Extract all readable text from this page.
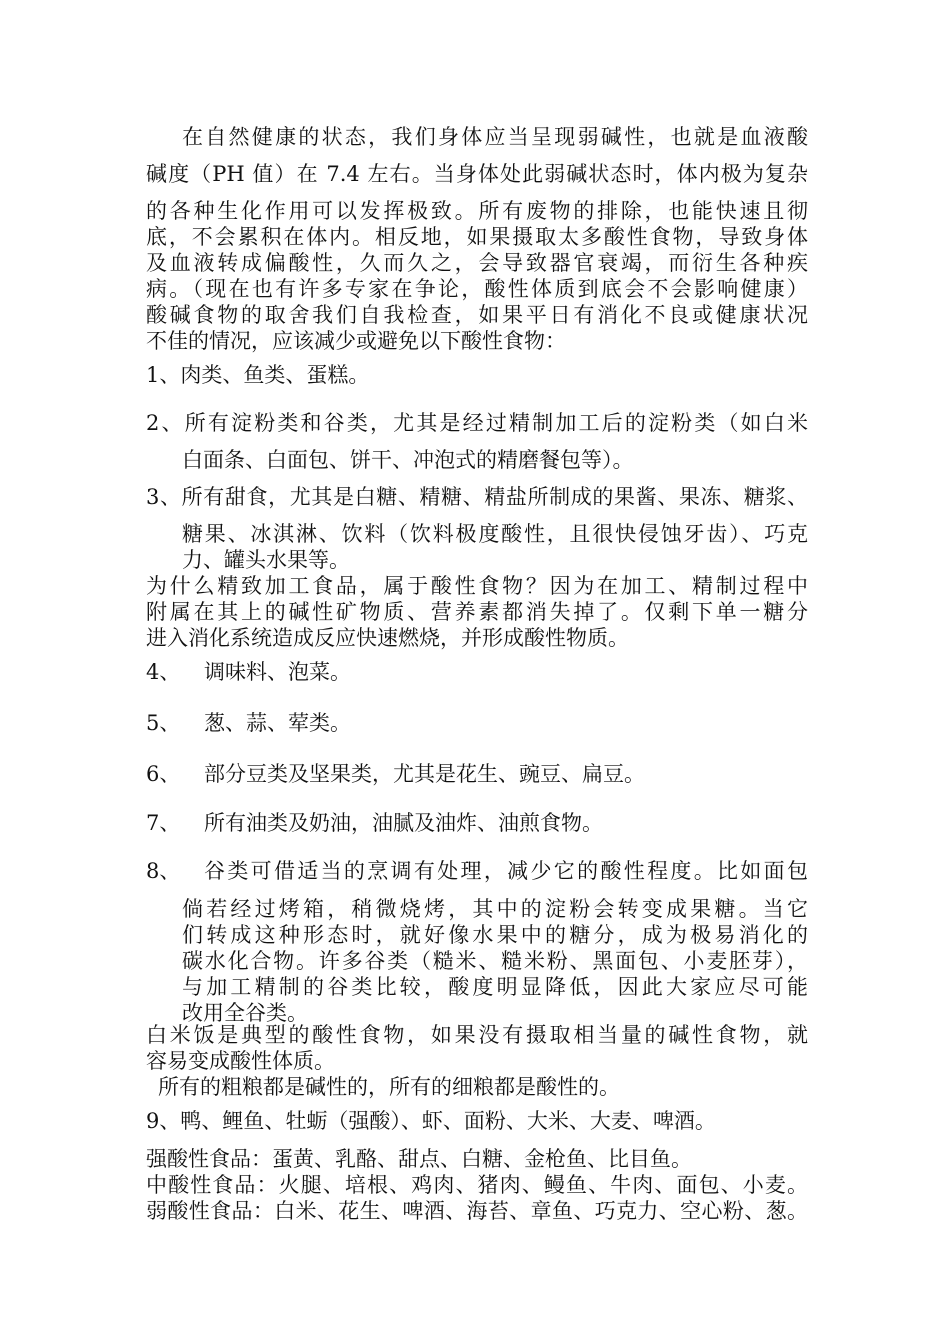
在自然健康的状态，我们身体应当呈现弱碱性，也就是血液酸
碱度（PH 值）在 7.4 左右。当身体处此弱碱状态时，体内极为复杂
的各种生化作用可以发挥极致。所有废物的排除，也能快速且彻
底，不会累积在体内。相反地，如果摄取太多酸性食物，导致身体
及血液转成偏酸性，久而久之，会导致器官衰竭，而衍生各种疾
病。（现在也有许多专家在争论，酸性体质到底会不会影响健康）
酸碱食物的取舍我们自我检查，如果平日有消化不良或健康状况
不佳的情况，应该减少或避免以下酸性食物：
1、肉类、鱼类、蛋糕。
2、所有淀粉类和谷类，尤其是经过精制加工后的淀粉类（如白米
白面条、白面包、饼干、冲泡式的精磨餐包等）。
3、所有甜食，尤其是白糖、精糖、精盐所制成的果酱、果冻、糖浆、
糖果、冰淇淋、饮料（饮料极度酸性，且很快侵蚀牙齿）、巧克
力、罐头水果等。
为什么精致加工食品，属于酸性食物？因为在加工、精制过程中
附属在其上的碱性矿物质、营养素都消失掉了。仅剩下单一糖分
进入消化系统造成反应快速燃烧，并形成酸性物质。
4、 调味料、泡菜。
5、 葱、蒜、荤类。
6、 部分豆类及坚果类，尤其是花生、豌豆、扁豆。
7、 所有油类及奶油，油腻及油炸、油煎食物。
8、	谷类可借适当的烹调有处理，减少它的酸性程度。比如面包
倘若经过烤箱，稍微烧烤，其中的淀粉会转变成果糖。当它
们转成这种形态时，就好像水果中的糖分，成为极易消化的
碳水化合物。许多谷类（糙米、糙米粉、黑面包、小麦胚芽），
与加工精制的谷类比较，酸度明显降低，因此大家应尽可能
改用全谷类。
白米饭是典型的酸性食物，如果没有摄取相当量的碱性食物，就
容易变成酸性体质。
所有的粗粮都是碱性的，所有的细粮都是酸性的。
9、鸭、鲤鱼、牡蛎（强酸）、虾、面粉、大米、大麦、啤酒。
强酸性食品：蛋黄、乳酪、甜点、白糖、金枪鱼、比目鱼。
中酸性食品：火腿、培根、鸡肉、猪肉、鳗鱼、牛肉、面包、小麦。
弱酸性食品：白米、花生、啤酒、海苔、章鱼、巧克力、空心粉、葱。
